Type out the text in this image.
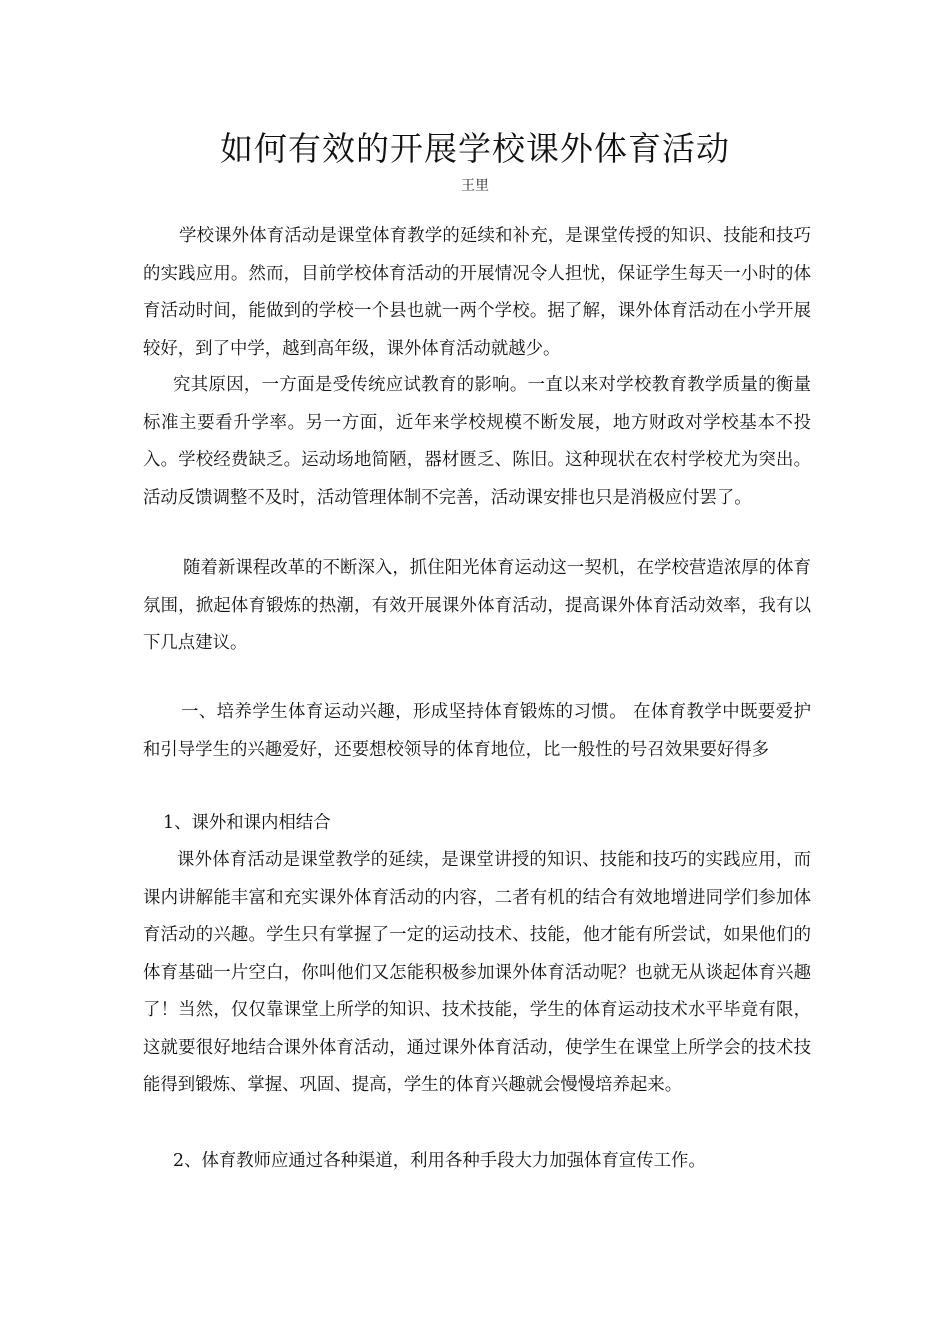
如何有效的开展学校课外体育活动
王里
学校课外体育活动是课堂体育教学的延续和补充，是课堂传授的知识、技能和技巧的实践应用。然而，目前学校体育活动的开展情况令人担忧，保证学生每天一小时的体育活动时间，能做到的学校一个县也就一两个学校。据了解，课外体育活动在小学开展较好，到了中学，越到高年级，课外体育活动就越少。
究其原因，一方面是受传统应试教育的影响。一直以来对学校教育教学质量的衡量标准主要看升学率。另一方面，近年来学校规模不断发展，地方财政对学校基本不投入。学校经费缺乏。运动场地简陋，器材匮乏、陈旧。这种现状在农村学校尤为突出。活动反馈调整不及时，活动管理体制不完善，活动课安排也只是消极应付罢了。
随着新课程改革的不断深入，抓住阳光体育运动这一契机，在学校营造浓厚的体育氛围，掀起体育锻炼的热潮，有效开展课外体育活动，提高课外体育活动效率，我有以下几点建议。
一、培养学生体育运动兴趣，形成坚持体育锻炼的习惯。 在体育教学中既要爱护和引导学生的兴趣爱好，还要想校领导的体育地位，比一般性的号召效果要好得多
1、课外和课内相结合
课外体育活动是课堂教学的延续，是课堂讲授的知识、技能和技巧的实践应用，而课内讲解能丰富和充实课外体育活动的内容，二者有机的结合有效地增进同学们参加体育活动的兴趣。学生只有掌握了一定的运动技术、技能，他才能有所尝试，如果他们的体育基础一片空白，你叫他们又怎能积极参加课外体育活动呢？也就无从谈起体育兴趣了！当然，仅仅靠课堂上所学的知识、技术技能，学生的体育运动技术水平毕竟有限，这就要很好地结合课外体育活动，通过课外体育活动，使学生在课堂上所学会的技术技能得到锻炼、掌握、巩固、提高，学生的体育兴趣就会慢慢培养起来。
2、体育教师应通过各种渠道，利用各种手段大力加强体育宣传工作。
